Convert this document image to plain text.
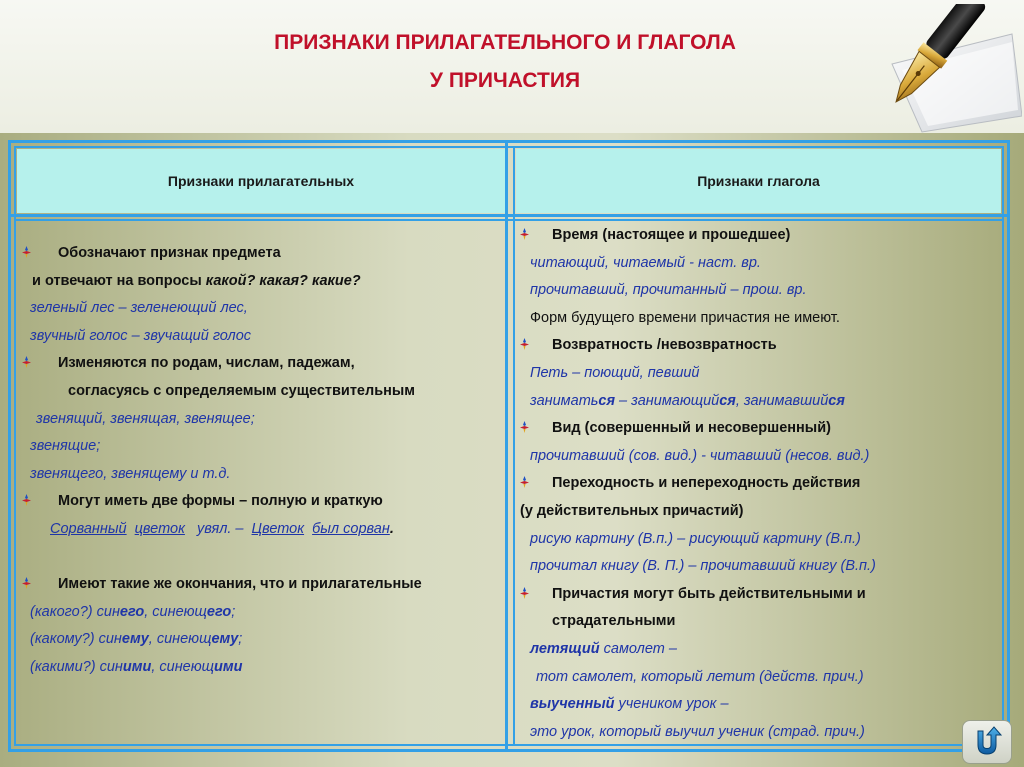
ПРИЗНАКИ ПРИЛАГАТЕЛЬНОГО И ГЛАГОЛА
У ПРИЧАСТИЯ
Признаки прилагательных	Признаки глагола
Обозначают признак предмета
и отвечают на вопросы какой? какая? какие?
зеленый лес – зеленеющий лес,
звучный голос – звучащий голос
Изменяются по родам, числам, падежам,
согласуясь с определяемым существительным
звенящий, звенящая, звенящее;
звенящие;
звенящего, звенящему и т.д.
Могут иметь две формы – полную и краткую
Сорванный цветок увял. – Цветок был сорван.
Имеют такие же окончания, что и прилагательные
(какого?) синего, синеющего;
(какому?) синему, синеющему;
(какими?) синими, синеющими
Время (настоящее и прошедшее)
читающий, читаемый - наст. вр.
прочитавший, прочитанный – прош. вр.
Форм будущего времени причастия не имеют.
Возвратность /невозвратность
Петь – поющий, певший
заниматься – занимающийся, занимавшийся
Вид (совершенный и несовершенный)
прочитавший (сов. вид.) - читавший (несов. вид.)
Переходность и непереходность действия
(у действительных причастий)
рисую картину (В.п.) – рисующий картину (В.п.)
прочитал книгу (В. П.) – прочитавший книгу (В.п.)
Причастия могут быть действительными и
страдательными
летящий самолет –
тот самолет, который летит (действ. прич.)
выученный учеником урок –
это урок, который выучил ученик (страд. прич.)
